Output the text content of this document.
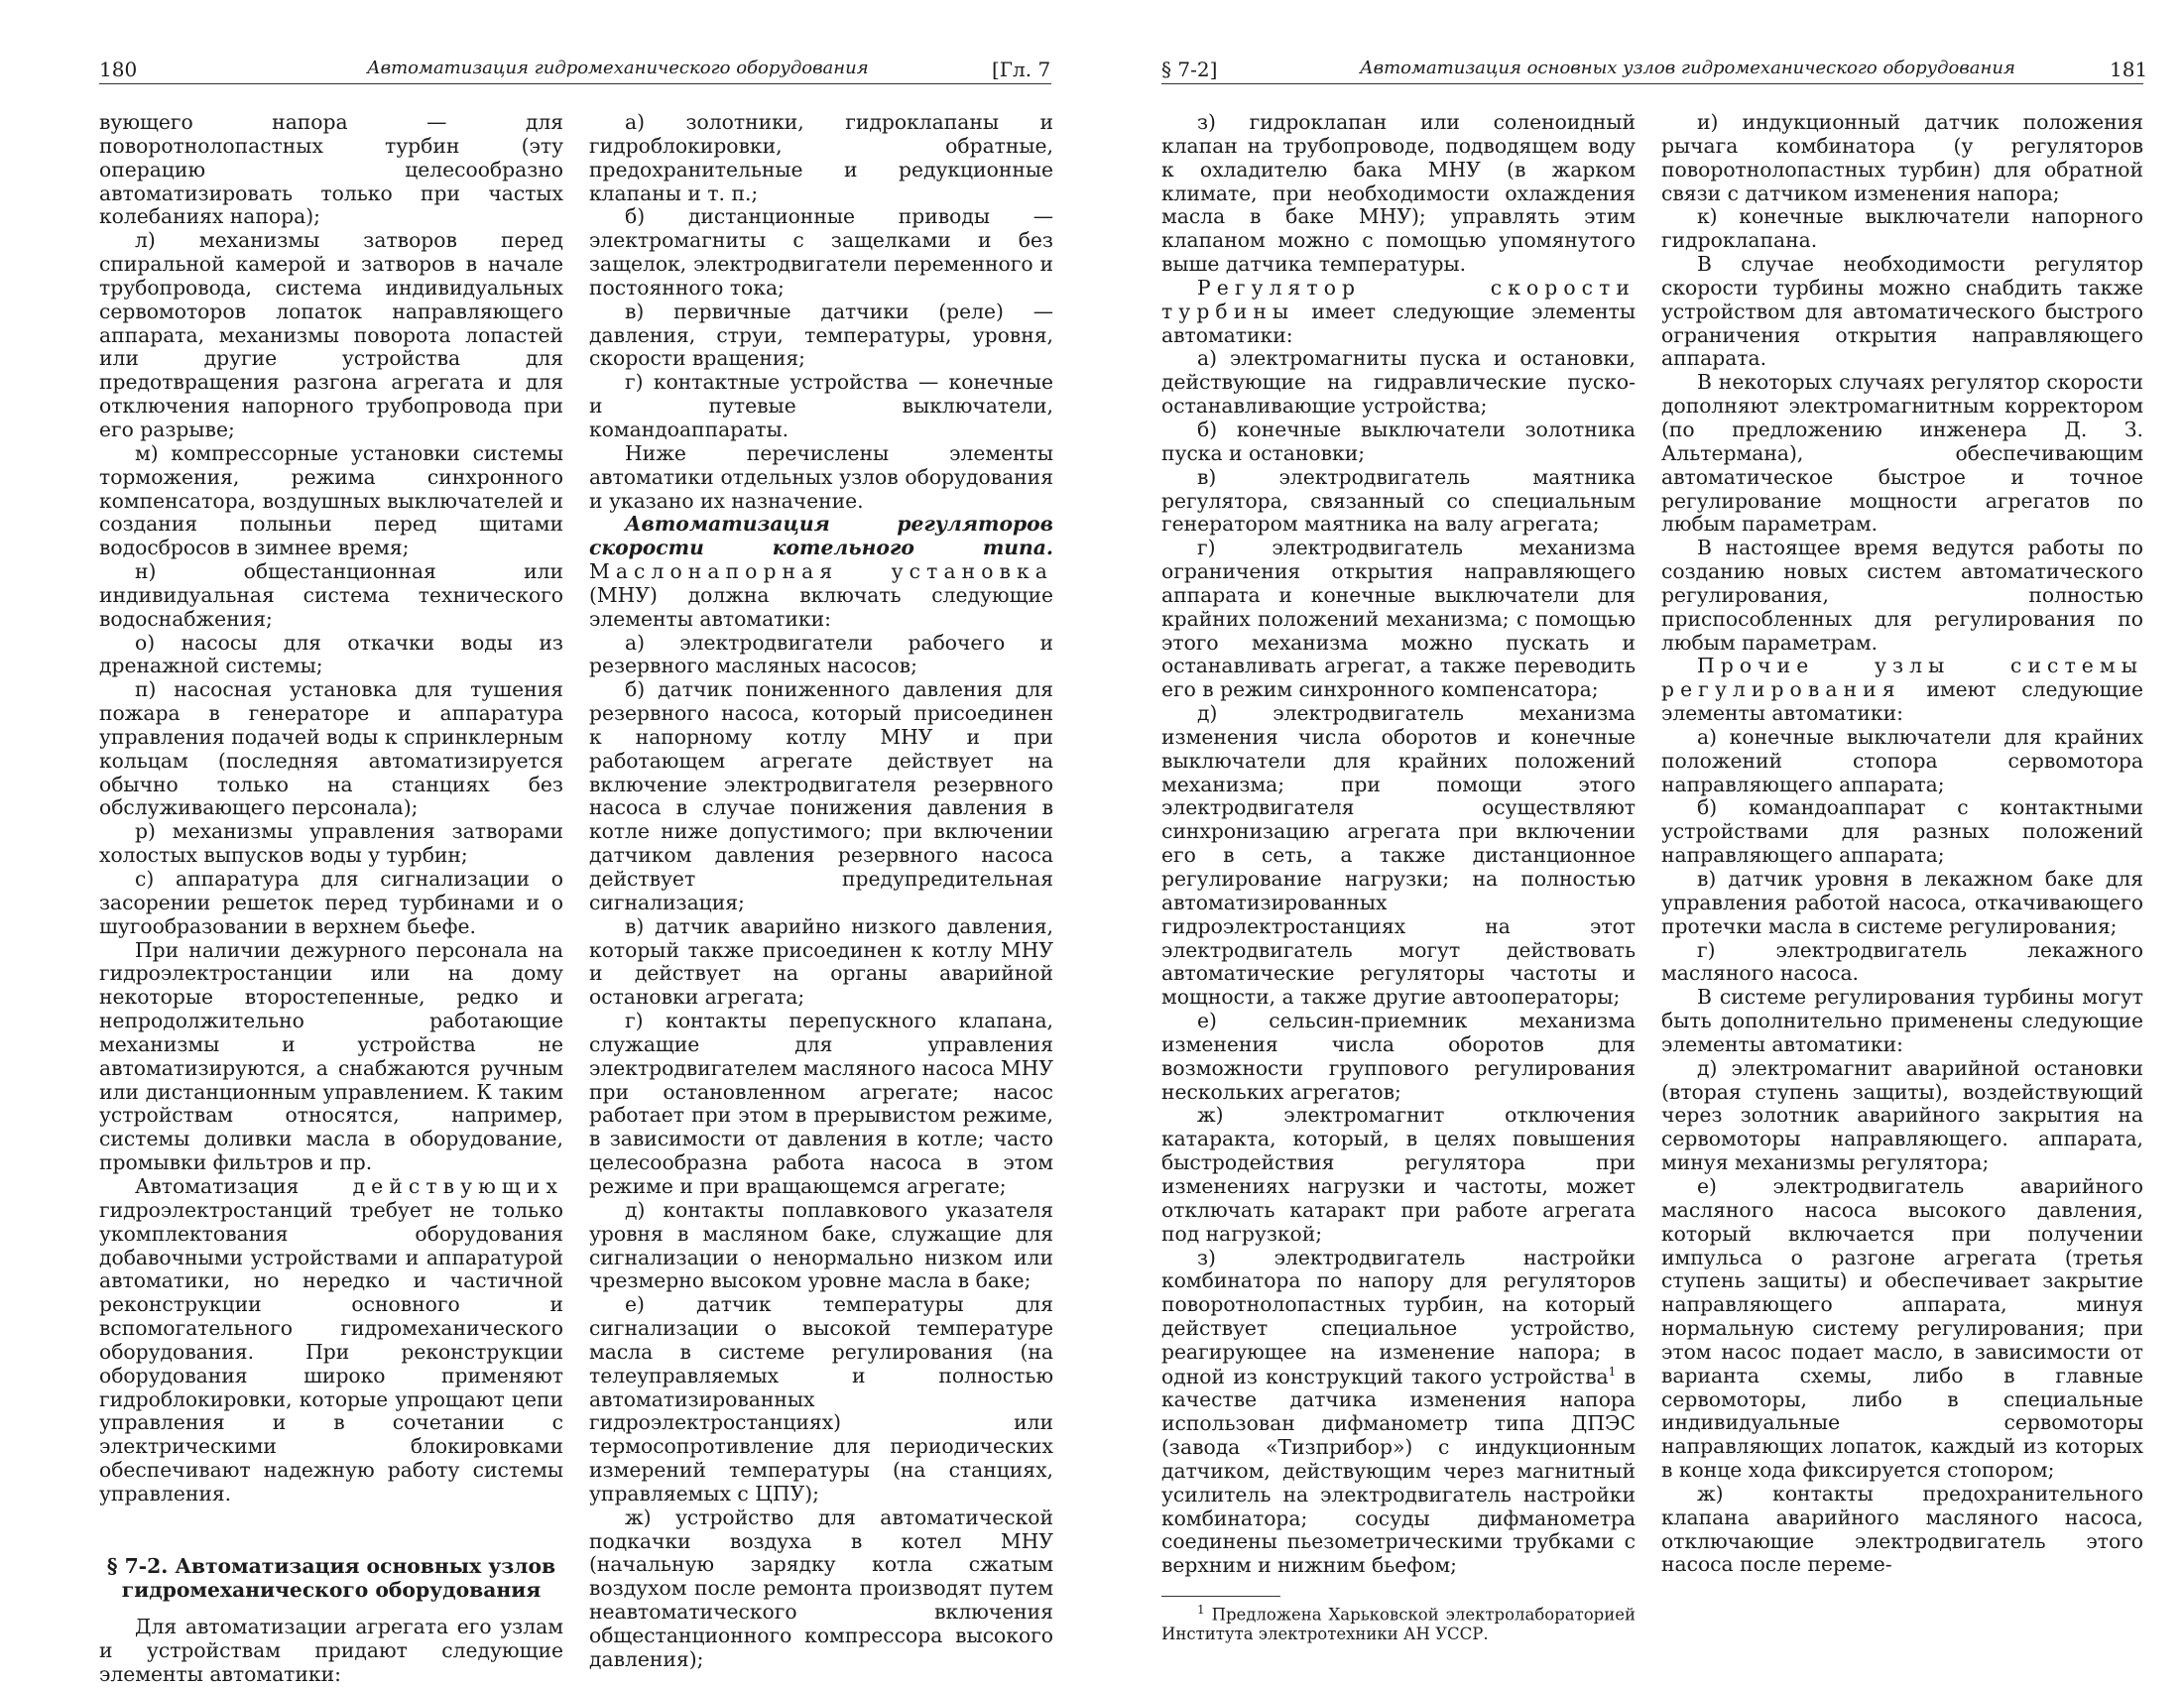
180	Автоматизация гидромеханического оборудования	[Гл. 7

вующего напора — для поворотнолопастных турбин (эту операцию целесообразно автоматизировать только при частых колебаниях напора);

л) механизмы затворов перед спиральной камерой и затворов в начале трубопровода, система индивидуальных сервомоторов лопаток направляющего аппарата, механизмы поворота лопастей или другие устройства для предотвращения разгона агрегата и для отключения напорного трубопровода при его разрыве;

м) компрессорные установки системы торможения, режима синхронного компенсатора, воздушных выключателей и создания полыньи перед щитами водосбросов в зимнее время;

н) общестанционная или индивидуальная система технического водоснабжения;

о) насосы для откачки воды из дренажной системы;

п) насосная установка для тушения пожара в генераторе и аппаратура управления подачей воды к спринклерным кольцам (последняя автоматизируется обычно только на станциях без обслуживающего персонала);

р) механизмы управления затворами холостых выпусков воды у турбин;

с) аппаратура для сигнализации о засорении решеток перед турбинами и о шугообразовании в верхнем бьефе.

При наличии дежурного персонала на гидроэлектростанции или на дому некоторые второстепенные, редко и непродолжительно работающие механизмы и устройства не автоматизируются, а снабжаются ручным или дистанционным управлением. К таким устройствам относятся, например, системы доливки масла в оборудование, промывки фильтров и пр.

Автоматизация	действующих гидроэлектростанций требует не только укомплектования оборудования добавочными устройствами и аппаратурой автоматики, но нередко и частичной реконструкции основного и вспомогательного гидромеханического оборудования. При реконструкции оборудования широко применяют гидроблокировки, которые упрощают цепи управления и в сочетании с электрическими блокировками обеспечивают надежную работу системы управления.

§ 7-2. Автоматизация основных узлов
гидромеханического оборудования

Для автоматизации агрегата его узлам и устройствам придают следующие элементы автоматики:

а) золотники, гидроклапаны и гидроблокировки, обратные, предохранительные и редукционные клапаны и т. п.;

б) дистанционные приводы — электромагниты с защелками и без защелок, электродвигатели переменного и постоянного тока;

в) первичные датчики (реле) — давления, струи, температуры, уровня, скорости вращения;

г) контактные устройства — конечные и путевые выключатели, командоаппараты.

Ниже перечислены элементы автоматики отдельных узлов оборудования и указано их назначение.

Автоматизация регуляторов скорости котельного типа. Маслонапорная установка (МНУ) должна включать следующие элементы автоматики:

а) электродвигатели рабочего и резервного масляных насосов;

б) датчик пониженного давления для резервного насоса, который присоединен к напорному котлу МНУ и при работающем агрегате действует на включение электродвигателя резервного насоса в случае понижения давления в котле ниже допустимого; при включении датчиком давления резервного насоса действует предупредительная сигнализация;

в) датчик аварийно низкого давления, который также присоединен к котлу МНУ и действует на органы аварийной остановки агрегата;

г) контакты перепускного клапана, служащие для управления электродвигателем масляного насоса МНУ при остановленном агрегате; насос работает при этом в прерывистом режиме, в зависимости от давления в котле; часто целесообразна работа насоса в этом режиме и при вращающемся агрегате;

д) контакты поплавкового указателя уровня в масляном баке, служащие для сигнализации о ненормально низком или чрезмерно высоком уровне масла в баке;

е) датчик температуры для сигнализации о высокой температуре масла в системе регулирования (на телеуправляемых и полностью автоматизированных гидроэлектростанциях) или термосопротивление для периодических измерений температуры (на станциях, управляемых с ЦПУ);

ж) устройство для автоматической подкачки воздуха в котел МНУ (начальную зарядку котла сжатым воздухом после ремонта производят путем неавтоматического включения общестанционного компрессора высокого давления);

§ 7-2]	Автоматизация основных узлов гидромеханического оборудования	181

з) гидроклапан или соленоидный клапан на трубопроводе, подводящем воду к охладителю бака МНУ (в жарком климате, при необходимости охлаждения масла в баке МНУ); управлять этим клапаном можно с помощью упомянутого выше датчика температуры.

Регулятор скорости турбины имеет следующие элементы автоматики:

а) электромагниты пуска и остановки, действующие на гидравлические пуско-останавливающие устройства;

б) конечные выключатели золотника пуска и остановки;

в) электродвигатель маятника регулятора, связанный со специальным генератором маятника на валу агрегата;

г) электродвигатель механизма ограничения открытия направляющего аппарата и конечные выключатели для крайних положений механизма; с помощью этого механизма можно пускать и останавливать агрегат, а также переводить его в режим синхронного компенсатора;

д) электродвигатель механизма изменения числа оборотов и конечные выключатели для крайних положений механизма; при помощи этого электродвигателя осуществляют синхронизацию агрегата при включении его в сеть, а также дистанционное регулирование нагрузки; на полностью автоматизированных гидроэлектростанциях на этот электродвигатель могут действовать автоматические регуляторы частоты и мощности, а также другие автооператоры;

е) сельсин-приемник механизма изменения числа оборотов для возможности группового регулирования нескольких агрегатов;

ж) электромагнит отключения катаракта, который, в целях повышения быстродействия регулятора при изменениях нагрузки и частоты, может отключать катаракт при работе агрегата под нагрузкой;

з) электродвигатель настройки комбинатора по напору для регуляторов поворотнолопастных турбин, на который действует специальное устройство, реагирующее на изменение напора; в одной из конструкций такого устройства$^1$ в качестве датчика изменения напора использован дифманометр типа ДПЭС (завода «Тизприбор») с индукционным датчиком, действующим через магнитный усилитель на электродвигатель настройки комбинатора; сосуды дифманометра соединены пьезометрическими трубками с верхним и нижним бьефом;

$^1$ Предложена Харьковской электролабораторией Института электротехники АН УССР.

и) индукционный датчик положения рычага комбинатора (у регуляторов поворотнолопастных турбин) для обратной связи с датчиком изменения напора;

к) конечные выключатели напорного гидроклапана.

В случае необходимости регулятор скорости турбины можно снабдить также устройством для автоматического быстрого ограничения открытия направляющего аппарата.

В некоторых случаях регулятор скорости дополняют электромагнитным корректором (по предложению инженера Д. З. Альтермана), обеспечивающим автоматическое быстрое и точное регулирование мощности агрегатов по любым параметрам.

В настоящее время ведутся работы по созданию новых систем автоматического регулирования, полностью приспособленных для регулирования по любым параметрам.

Прочие узлы системы регулирования имеют следующие элементы автоматики:

а) конечные выключатели для крайних положений стопора сервомотора направляющего аппарата;

б) командоаппарат с контактными устройствами для разных положений направляющего аппарата;

в) датчик уровня в лекажном баке для управления работой насоса, откачивающего протечки масла в системе регулирования;

г) электродвигатель лекажного масляного насоса.

В системе регулирования турбины могут быть дополнительно применены следующие элементы автоматики:

д) электромагнит аварийной остановки (вторая ступень защиты), воздействующий через золотник аварийного закрытия на сервомоторы направляющего. аппарата, минуя механизмы регулятора;

е) электродвигатель аварийного масляного насоса высокого давления, который включается при получении импульса о разгоне агрегата (третья ступень защиты) и обеспечивает закрытие направляющего аппарата, минуя нормальную систему регулирования; при этом насос подает масло, в зависимости от варианта схемы, либо в главные сервомоторы, либо в специальные индивидуальные сервомоторы направляющих лопаток, каждый из которых в конце хода фиксируется стопором;

ж) контакты предохранительного клапана аварийного масляного насоса, отключающие электродвигатель этого насоса после переме-
